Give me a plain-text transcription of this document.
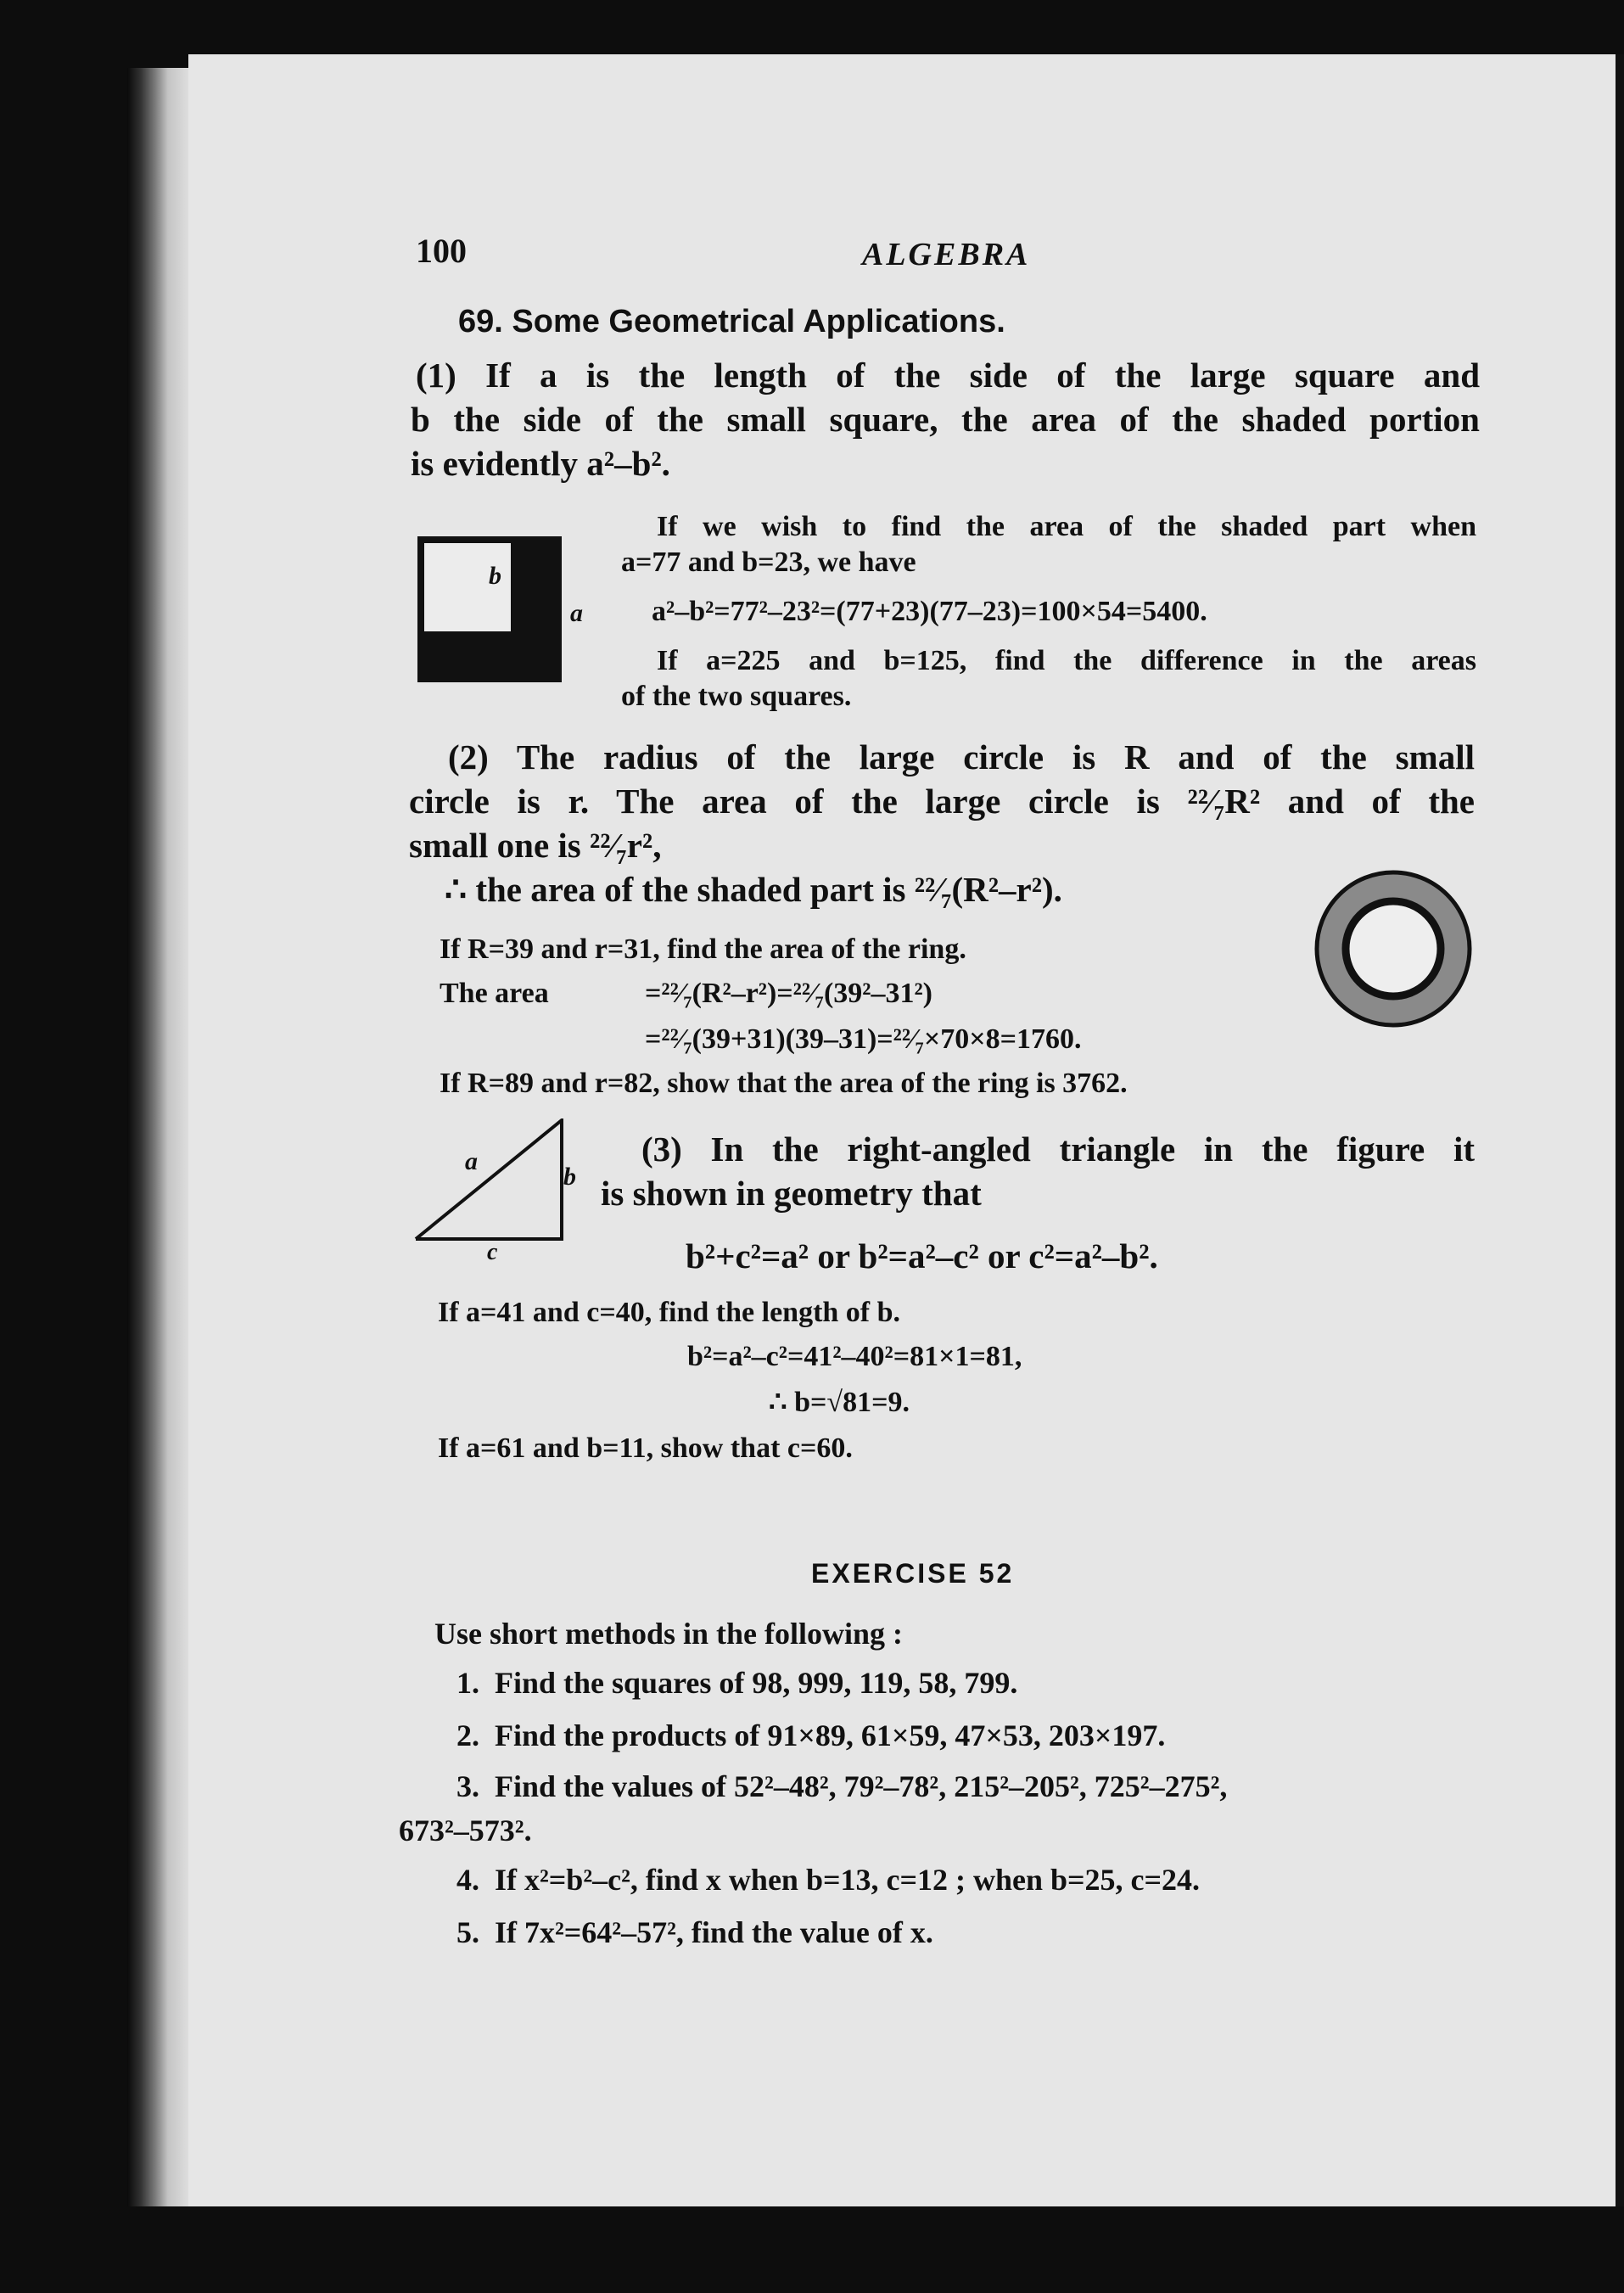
100	ALGEBRA
69. Some Geometrical Applications.
(1) If a is the length of the side of the large square and
b the side of the small square, the area of the shaded portion
is evidently a²–b².
b
a
If we wish to find the area of the shaded part when
a=77 and b=23, we have
a²–b²=77²–23²=(77+23)(77–23)=100×54=5400.
If a=225 and b=125, find the difference in the areas
of the two squares.
(2) The radius of the large circle is R and of the small
circle is r. The area of the large circle is ²²⁄₇R² and of the
small one is ²²⁄₇r²,
∴ the area of the shaded part is ²²⁄₇(R²–r²).
If R=39 and r=31, find the area of the ring.
The area	=²²⁄₇(R²–r²)=²²⁄₇(39²–31²)
=²²⁄₇(39+31)(39–31)=²²⁄₇×70×8=1760.
If R=89 and r=82, show that the area of the ring is 3762.
a
b
c
(3) In the right-angled triangle in the figure it
is shown in geometry that
b²+c²=a² or b²=a²–c² or c²=a²–b².
If a=41 and c=40, find the length of b.
b²=a²–c²=41²–40²=81×1=81,
∴ b=√81=9.
If a=61 and b=11, show that c=60.
EXERCISE 52
Use short methods in the following :
1. Find the squares of 98, 999, 119, 58, 799.
2. Find the products of 91×89, 61×59, 47×53, 203×197.
3. Find the values of 52²–48², 79²–78², 215²–205², 725²–275²,
673²–573².
4. If x²=b²–c², find x when b=13, c=12 ; when b=25, c=24.
5. If 7x²=64²–57², find the value of x.
